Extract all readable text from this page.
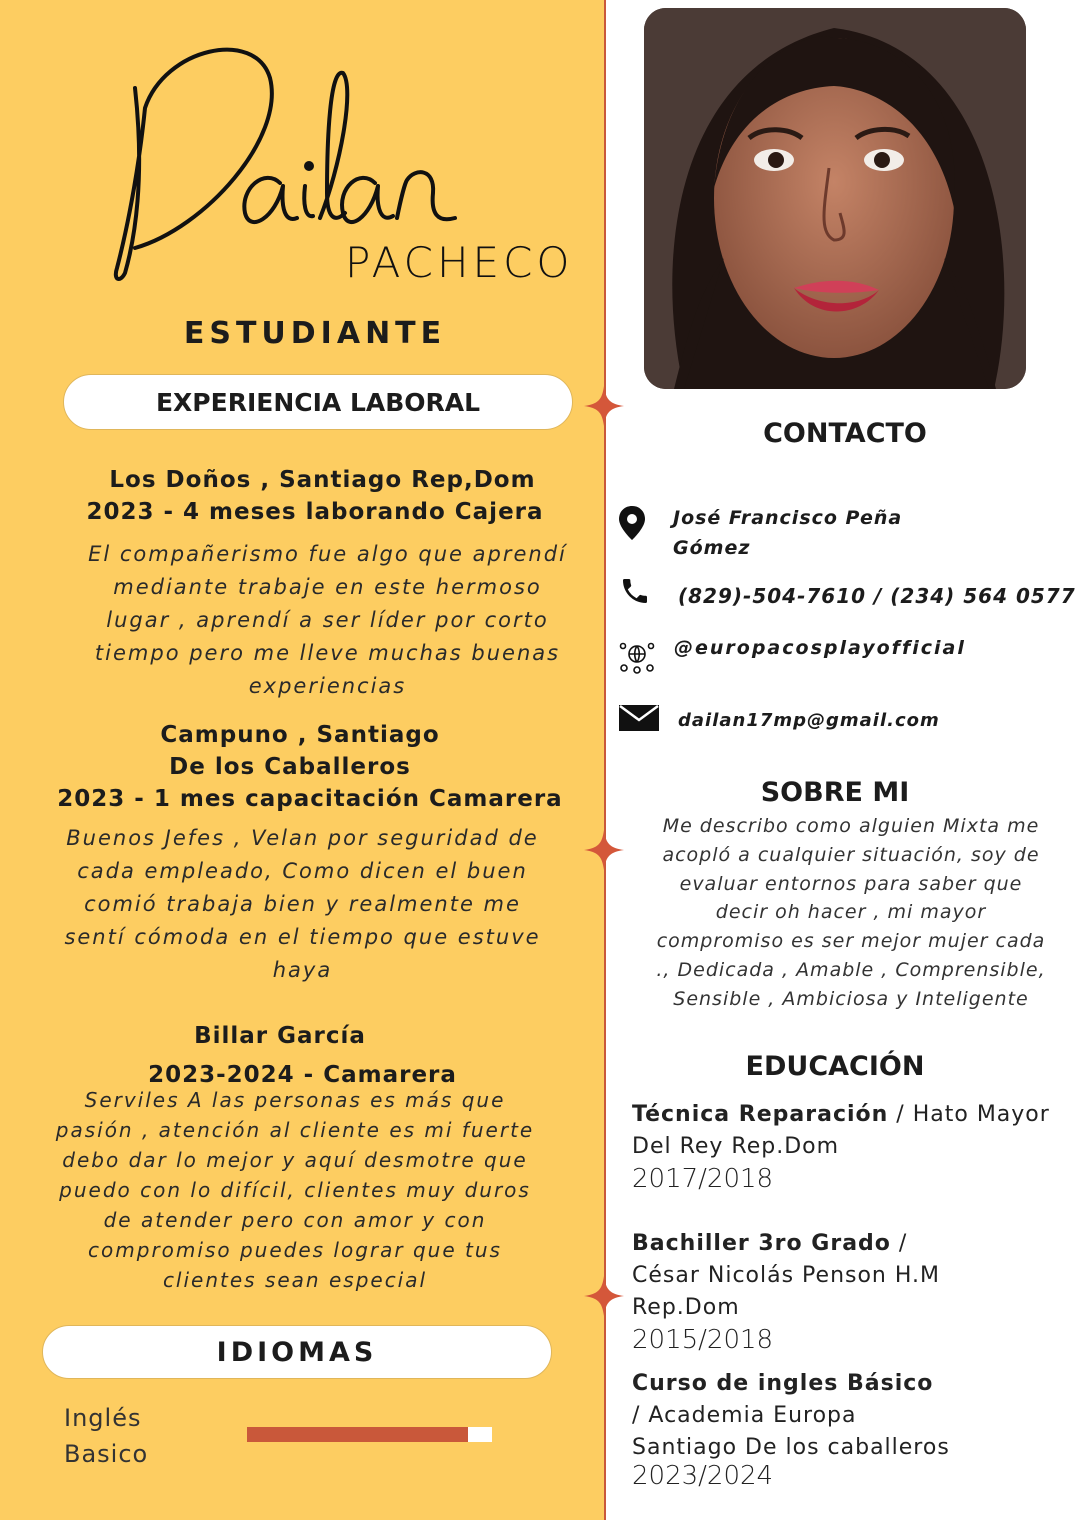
PACHECO
ESTUDIANTE
EXPERIENCIA LABORAL
Los Doños , Santiago Rep,Dom
2023 - 4 meses laborando Cajera
El compañerismo fue algo que aprendí
mediante trabaje en este hermoso
lugar , aprendí a ser líder por corto
tiempo pero me lleve muchas buenas
experiencias
Campuno , Santiago
De los Caballeros
2023 - 1 mes capacitación Camarera
Buenos Jefes , Velan por seguridad de
cada empleado, Como dicen el buen
comió trabaja bien y realmente me
sentí cómoda en el tiempo que estuve
haya
Billar García
2023-2024 - Camarera
Serviles A las personas es más que
pasión , atención al cliente es mi fuerte
debo dar lo mejor y aquí desmotre que
puedo con lo difícil, clientes muy duros
de atender pero con amor y con
compromiso puedes lograr que tus
clientes sean especial
IDIOMAS
Inglés
Basico
CONTACTO
José Francisco Peña
Gómez
(829)-504-7610 / (234) 564 0577
@europacosplayofficial
dailan17mp@gmail.com
SOBRE MI
Me describo como alguien Mixta me
acopló a cualquier situación, soy de
evaluar entornos para saber que
decir oh hacer , mi mayor
compromiso es ser mejor mujer cada
., Dedicada , Amable , Comprensible,
Sensible , Ambiciosa y Inteligente
EDUCACIÓN
Técnica Reparación / Hato Mayor
Del Rey Rep.Dom
2017/2018
Bachiller 3ro Grado /
César Nicolás Penson H.M
Rep.Dom
2015/2018
Curso de ingles Básico
/ Academia Europa
Santiago De los caballeros
2023/2024
